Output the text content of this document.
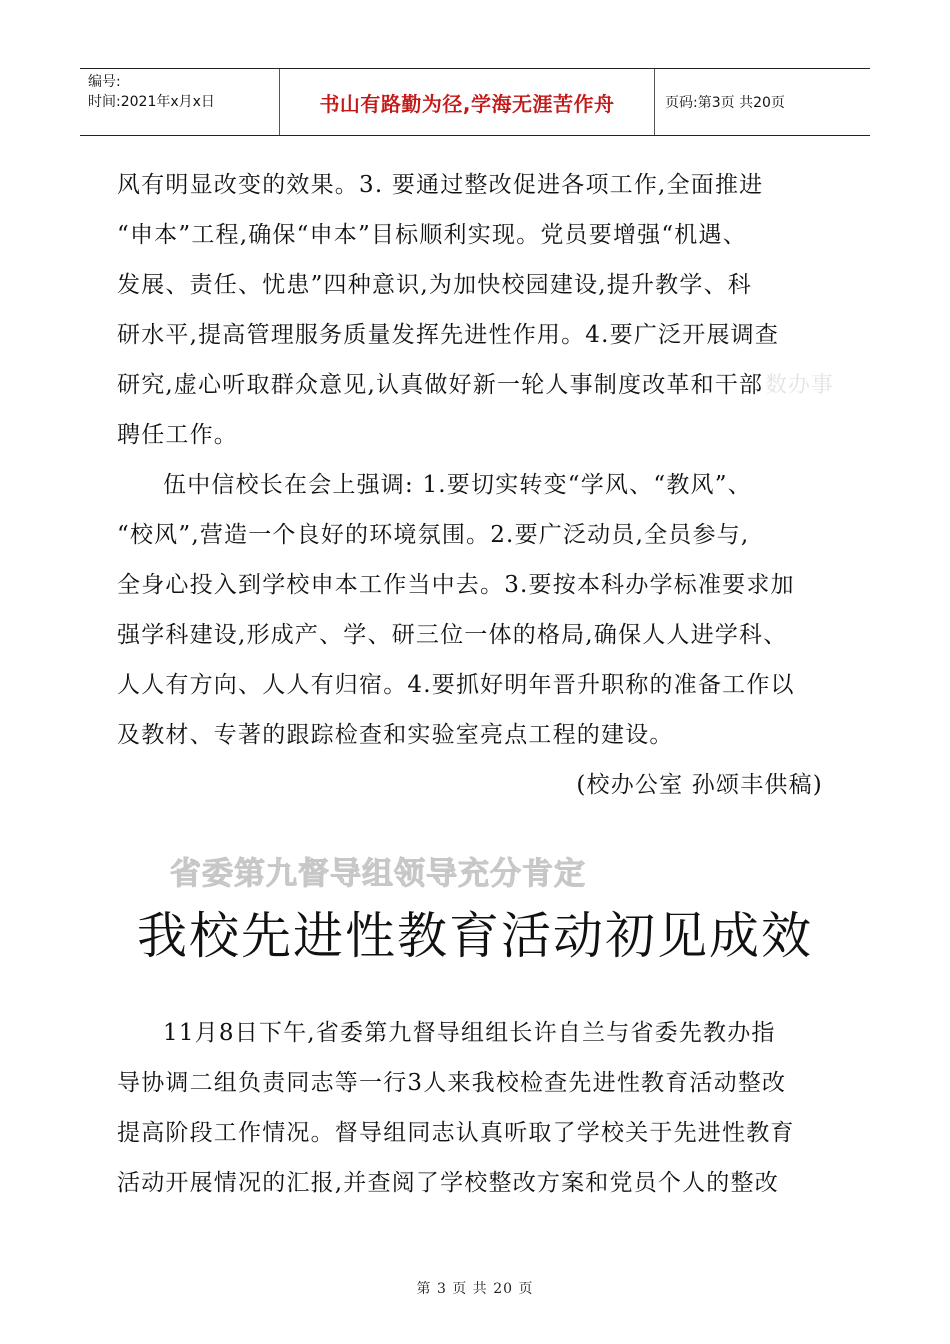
编号:
时间:2021年x月x日	书山有路勤为径,学海无涯苦作舟	页码:第3页 共20页
风有明显改变的效果。3. 要通过整改促进各项工作,全面推进
“申本”工程,确保“申本”目标顺利实现。党员要增强“机遇、
发展、责任、忧患”四种意识,为加快校园建设,提升教学、科
研水平,提高管理服务质量发挥先进性作用。4.要广泛开展调查
研究,虚心听取群众意见,认真做好新一轮人事制度改革和干部
聘任工作。
伍中信校长在会上强调: 1.要切实转变“学风、“教风”、
“校风”,营造一个良好的环境氛围。2.要广泛动员,全员参与,
全身心投入到学校申本工作当中去。3.要按本科办学标准要求加
强学科建设,形成产、学、研三位一体的格局,确保人人进学科、
人人有方向、人人有归宿。4.要抓好明年晋升职称的准备工作以
及教材、专著的跟踪检查和实验室亮点工程的建设。
(校办公室 孙颂丰供稿)
数办事
省委第九督导组领导充分肯定
我校先进性教育活动初见成效
11月8日下午,省委第九督导组组长许自兰与省委先教办指
导协调二组负责同志等一行3人来我校检查先进性教育活动整改
提高阶段工作情况。督导组同志认真听取了学校关于先进性教育
活动开展情况的汇报,并查阅了学校整改方案和党员个人的整改
第 3 页 共 20 页
